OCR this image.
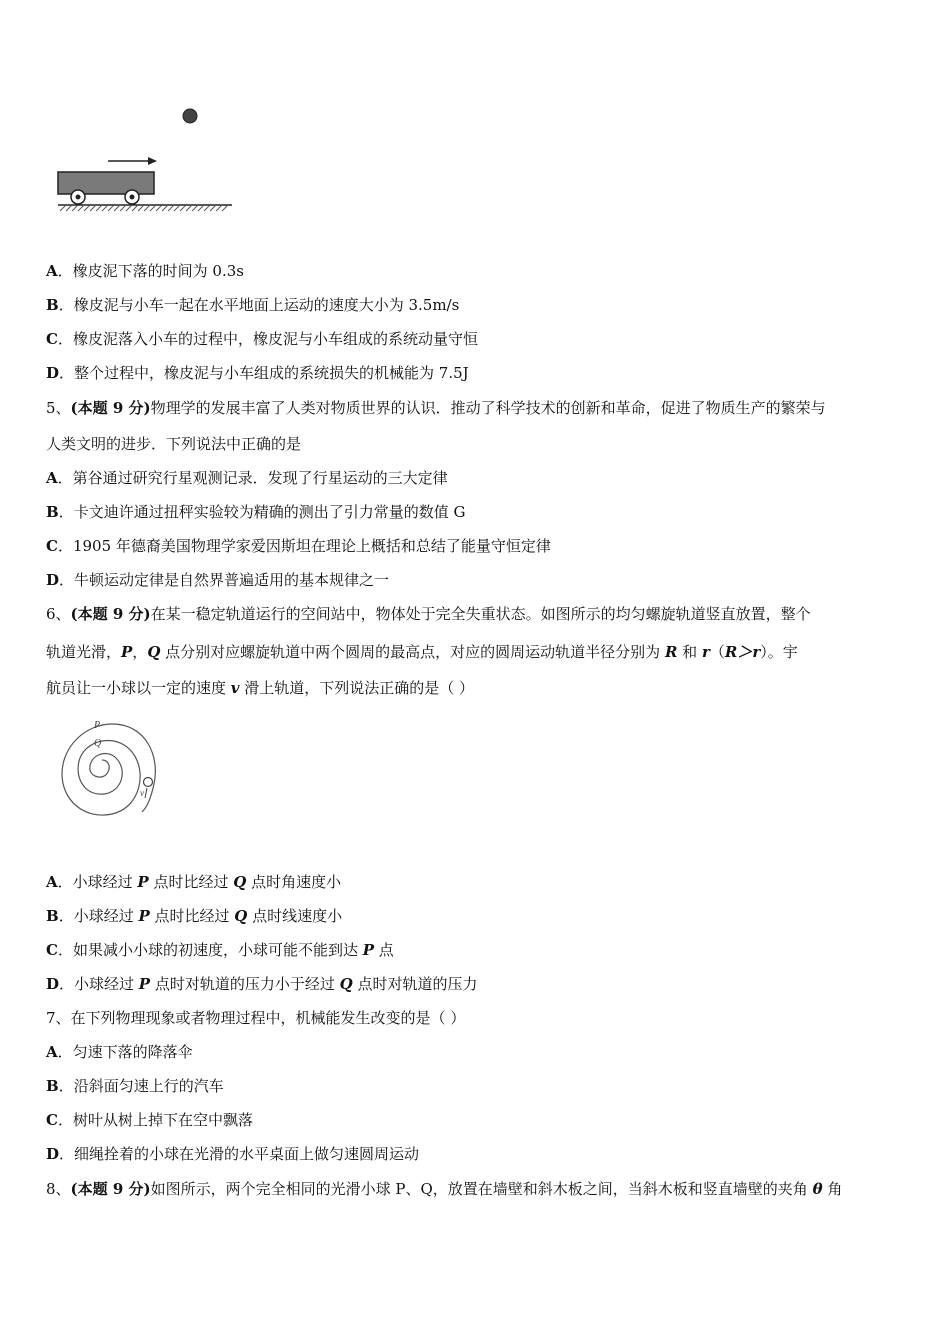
A．橡皮泥下落的时间为 0.3s
B．橡皮泥与小车一起在水平地面上运动的速度大小为 3.5m/s
C．橡皮泥落入小车的过程中，橡皮泥与小车组成的系统动量守恒
D．整个过程中，橡皮泥与小车组成的系统损失的机械能为 7.5J
5、(本题 9 分)物理学的发展丰富了人类对物质世界的认识．推动了科学技术的创新和革命，促进了物质生产的繁荣与
人类文明的进步．下列说法中正确的是
A．第谷通过研究行星观测记录．发现了行星运动的三大定律
B．卡文迪许通过扭秤实验较为精确的测出了引力常量的数值 G
C．1905 年德裔美国物理学家爱因斯坦在理论上概括和总结了能量守恒定律
D．牛顿运动定律是自然界普遍适用的基本规律之一
6、(本题 9 分)在某一稳定轨道运行的空间站中，物体处于完全失重状态。如图所示的均匀螺旋轨道竖直放置，整个
轨道光滑，P，Q 点分别对应螺旋轨道中两个圆周的最高点，对应的圆周运动轨道半径分别为 R 和 r（R＞r）。宇
航员让一小球以一定的速度 v 滑上轨道，下列说法正确的是（ ）
P
Q
v
A．小球经过 P 点时比经过 Q 点时角速度小
B．小球经过 P 点时比经过 Q 点时线速度小
C．如果减小小球的初速度，小球可能不能到达 P 点
D．小球经过 P 点时对轨道的压力小于经过 Q 点时对轨道的压力
7、在下列物理现象或者物理过程中，机械能发生改变的是（ ）
A．匀速下落的降落伞
B．沿斜面匀速上行的汽车
C．树叶从树上掉下在空中飘落
D．细绳拴着的小球在光滑的水平桌面上做匀速圆周运动
8、(本题 9 分)如图所示，两个完全相同的光滑小球 P、Q，放置在墙壁和斜木板之间，当斜木板和竖直墙壁的夹角 θ 角
